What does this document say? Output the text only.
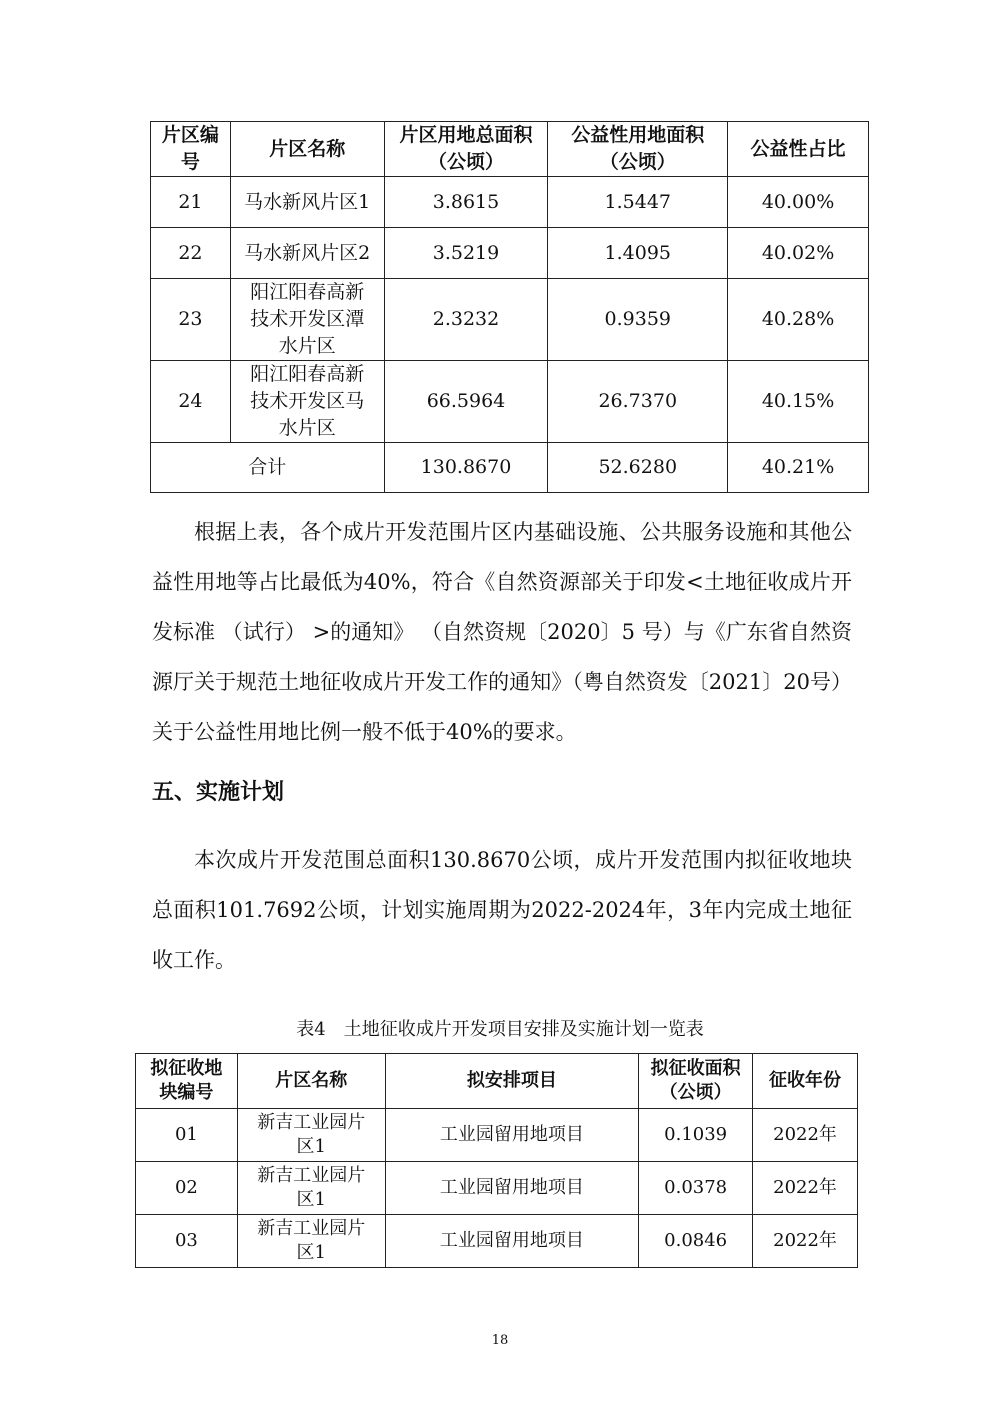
片区编号	片区名称	片区用地总面积（公顷）	公益性用地面积（公顷）	公益性占比
21	马水新风片区1	3.8615	1.5447	40.00%
22	马水新风片区2	3.5219	1.4095	40.02%
23	阳江阳春高新技术开发区潭水片区	2.3232	0.9359	40.28%
24	阳江阳春高新技术开发区马水片区	66.5964	26.7370	40.15%
合计		130.8670	52.6280	40.21%

根据上表，各个成片开发范围片区内基础设施、公共服务设施和其他公益性用地等占比最低为40%，符合《自然资源部关于印发<土地征收成片开发标准 （试行） >的通知》 （自然资规〔2020〕5 号）与《广东省自然资源厅关于规范土地征收成片开发工作的通知》（粤自然资发〔2021〕20号）关于公益性用地比例一般不低于40%的要求。

五、实施计划

本次成片开发范围总面积130.8670公顷，成片开发范围内拟征收地块总面积101.7692公顷，计划实施周期为2022-2024年，3年内完成土地征收工作。

表4　土地征收成片开发项目安排及实施计划一览表

拟征收地块编号	片区名称	拟安排项目	拟征收面积（公顷）	征收年份
01	新吉工业园片区1	工业园留用地项目	0.1039	2022年
02	新吉工业园片区1	工业园留用地项目	0.0378	2022年
03	新吉工业园片区1	工业园留用地项目	0.0846	2022年
18
